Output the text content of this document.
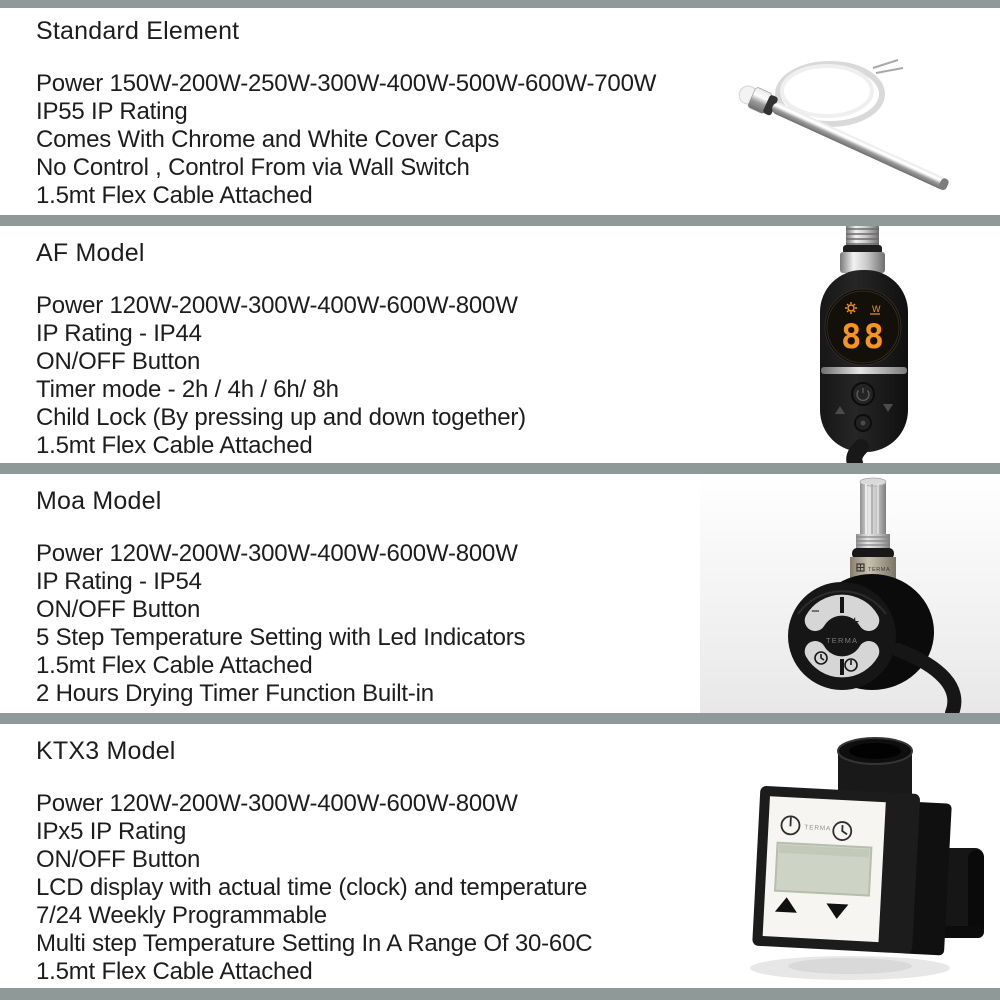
Standard Element
Power 150W-200W-250W-300W-400W-500W-600W-700W
IP55 IP Rating
Comes With Chrome and White Cover Caps
No Control , Control From via Wall Switch
1.5mt Flex Cable Attached
AF Model
Power 120W-200W-300W-400W-600W-800W
IP Rating - IP44
ON/OFF Button
Timer mode - 2h / 4h / 6h/ 8h
Child Lock (By pressing up and down together)
1.5mt Flex Cable Attached
W
88
Moa Model
Power 120W-200W-300W-400W-600W-800W
IP Rating - IP54
ON/OFF Button
5 Step Temperature Setting with Led Indicators
1.5mt Flex Cable Attached
2 Hours Drying Timer Function Built-in
TERMA
−
+
TERMA
KTX3 Model
Power 120W-200W-300W-400W-600W-800W
IPx5 IP Rating
ON/OFF Button
LCD display with actual time (clock) and temperature
7/24 Weekly Programmable
Multi step Temperature Setting In A Range Of 30-60C
1.5mt Flex Cable Attached
TERMA
